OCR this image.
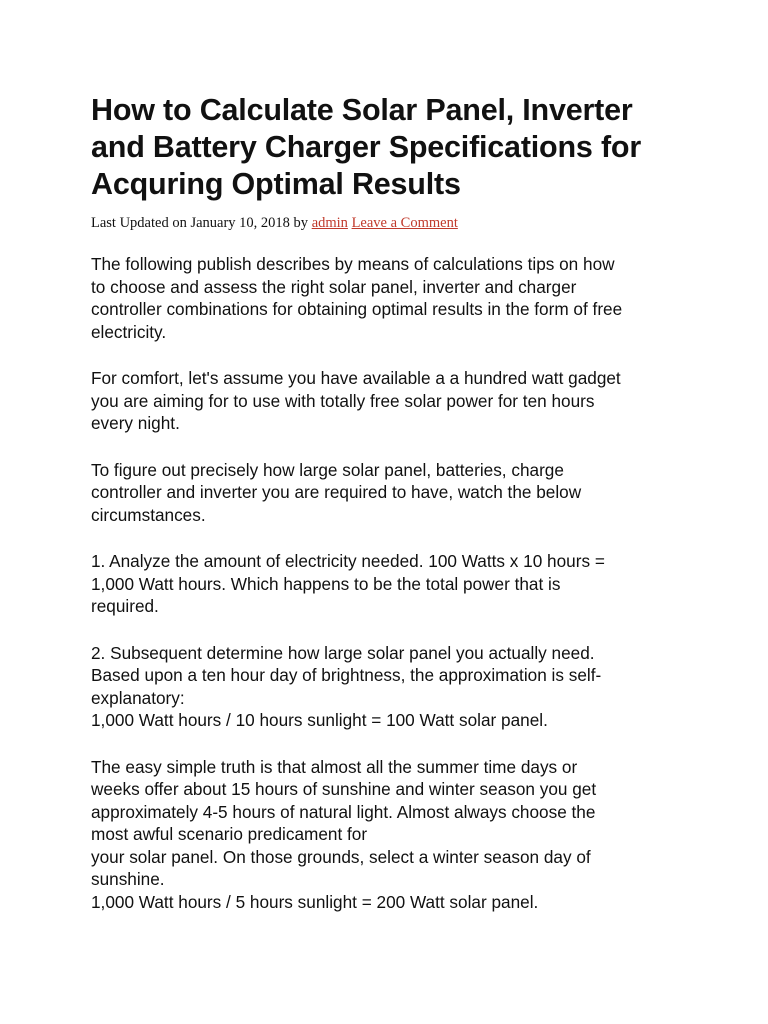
How to Calculate Solar Panel, Inverter
and Battery Charger Specifications for
Acquring Optimal Results
Last Updated on January 10, 2018 by admin Leave a Comment
The following publish describes by means of calculations tips on how
to choose and assess the right solar panel, inverter and charger
controller combinations for obtaining optimal results in the form of free
electricity.
For comfort, let's assume you have available a a hundred watt gadget
you are aiming for to use with totally free solar power for ten hours
every night.
To figure out precisely how large solar panel, batteries, charge
controller and inverter you are required to have, watch the below
circumstances.
1. Analyze the amount of electricity needed. 100 Watts x 10 hours =
1,000 Watt hours. Which happens to be the total power that is
required.
2. Subsequent determine how large solar panel you actually need.
Based upon a ten hour day of brightness, the approximation is self-
explanatory:
1,000 Watt hours / 10 hours sunlight = 100 Watt solar panel.
The easy simple truth is that almost all the summer time days or
weeks offer about 15 hours of sunshine and winter season you get
approximately 4-5 hours of natural light. Almost always choose the
most awful scenario predicament for
your solar panel. On those grounds, select a winter season day of
sunshine.
1,000 Watt hours / 5 hours sunlight = 200 Watt solar panel.
